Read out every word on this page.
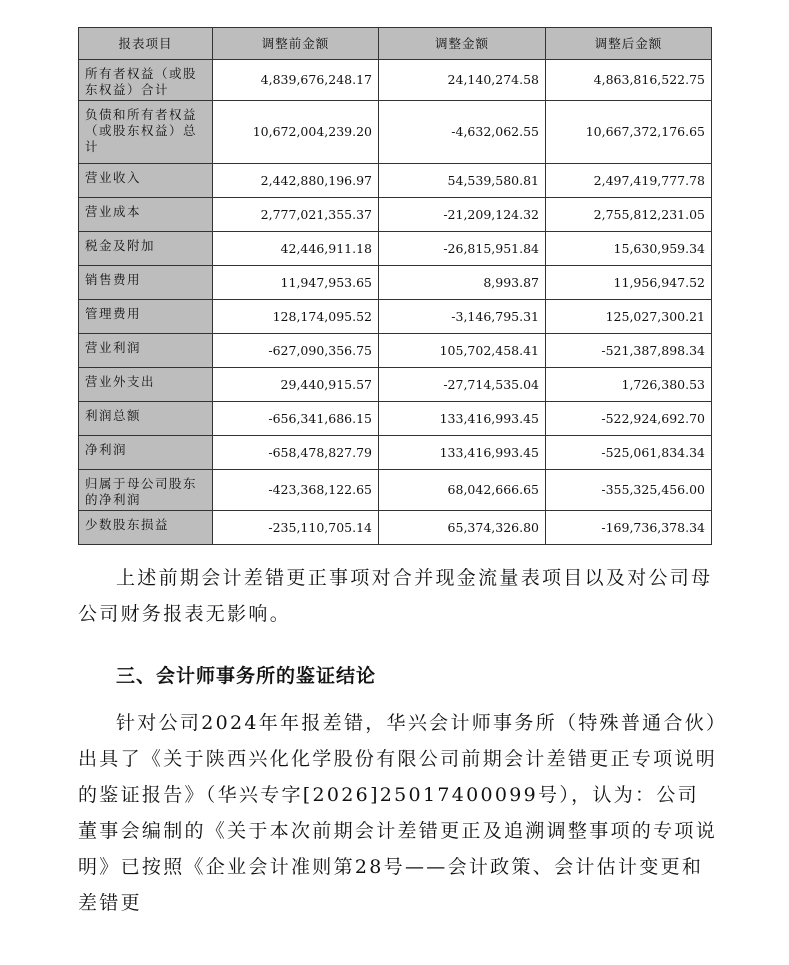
报表项目	调整前金额	调整金额	调整后金额
所有者权益（或股东权益）合计	4,839,676,248.17	24,140,274.58	4,863,816,522.75
负债和所有者权益（或股东权益）总计	10,672,004,239.20	-4,632,062.55	10,667,372,176.65
营业收入	2,442,880,196.97	54,539,580.81	2,497,419,777.78
营业成本	2,777,021,355.37	-21,209,124.32	2,755,812,231.05
税金及附加	42,446,911.18	-26,815,951.84	15,630,959.34
销售费用	11,947,953.65	8,993.87	11,956,947.52
管理费用	128,174,095.52	-3,146,795.31	125,027,300.21
营业利润	-627,090,356.75	105,702,458.41	-521,387,898.34
营业外支出	29,440,915.57	-27,714,535.04	1,726,380.53
利润总额	-656,341,686.15	133,416,993.45	-522,924,692.70
净利润	-658,478,827.79	133,416,993.45	-525,061,834.34
归属于母公司股东的净利润	-423,368,122.65	68,042,666.65	-355,325,456.00
少数股东损益	-235,110,705.14	65,374,326.80	-169,736,378.34

上述前期会计差错更正事项对合并现金流量表项目以及对公司母公司财务报表无影响。

三、会计师事务所的鉴证结论

针对公司2024年年报差错，华兴会计师事务所（特殊普通合伙）出具了《关于陕西兴化化学股份有限公司前期会计差错更正专项说明的鉴证报告》（华兴专字[2026]25017400099号），认为：公司董事会编制的《关于本次前期会计差错更正及追溯调整事项的专项说明》已按照《企业会计准则第28号——会计政策、会计估计变更和差错更
